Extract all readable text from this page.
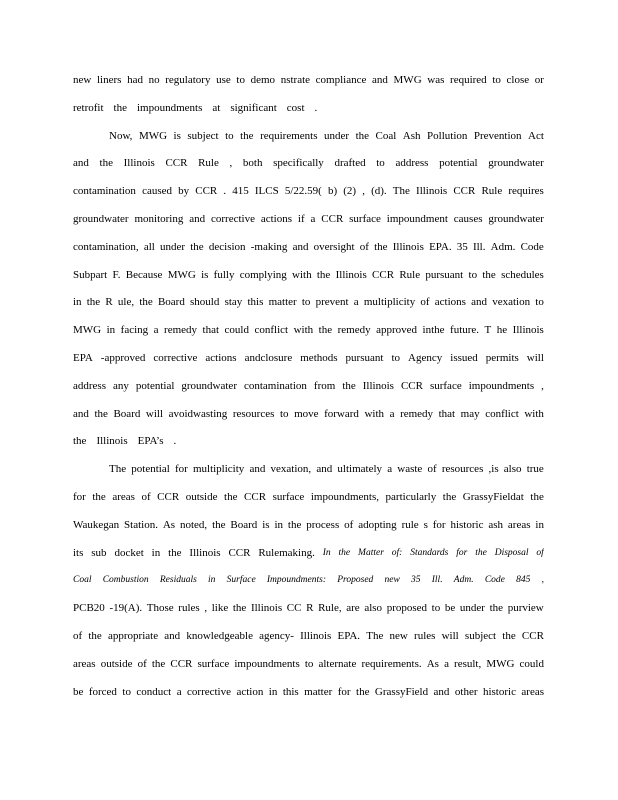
new liners had no regulatory use to demo nstrate compliance and MWG was required to close or
retrofit the impoundments at significant cost .
Now, MWG is subject to the requirements under the Coal Ash Pollution Prevention Act
and the Illinois CCR Rule , both specifically drafted to address potential groundwater
contamination caused by CCR . 415 ILCS 5/22.59( b) (2) , (d). The Illinois CCR Rule requires
groundwater monitoring and corrective actions if a CCR surface impoundment causes groundwater
contamination, all under the decision -making and oversight of the Illinois EPA. 35 Ill. Adm. Code
Subpart F. Because MWG is fully complying with the Illinois CCR Rule pursuant to the schedules
in the R ule, the Board should stay this matter to prevent a multiplicity of actions and vexation to
MWG in facing a remedy that could conflict with the remedy approved inthe future. T he Illinois
EPA -approved corrective actions andclosure methods pursuant to Agency issued permits will
address any potential groundwater contamination from the Illinois CCR surface impoundments ,
and the Board will avoidwasting resources to move forward with a remedy that may conflict with
the Illinois EPA’s .
The potential for multiplicity and vexation, and ultimately a waste of resources ,is also true
for the areas of CCR outside the CCR surface impoundments, particularly the GrassyFieldat the
Waukegan Station. As noted, the Board is in the process of adopting rule s for historic ash areas in
its sub docket in the Illinois CCR Rulemaking. In the Matter of: Standards for the Disposal of
Coal Combustion Residuals in Surface Impoundments: Proposed new 35 Ill. Adm. Code 845 ,
PCB20 -19(A). Those rules , like the Illinois CC R Rule, are also proposed to be under the purview
of the appropriate and knowledgeable agency- Illinois EPA. The new rules will subject the CCR
areas outside of the CCR surface impoundments to alternate requirements. As a result, MWG could
be forced to conduct a corrective action in this matter for the GrassyField and other historic areas
